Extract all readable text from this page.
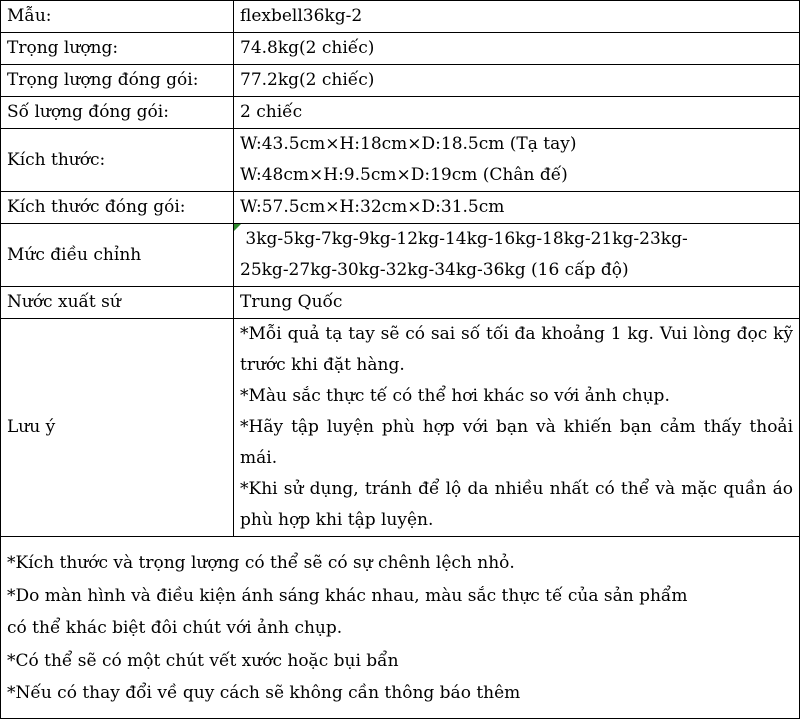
Mẫu:	flexbell36kg-2

Trọng lượng:	74.8kg(2 chiếc)

Trọng lượng đóng gói:	77.2kg(2 chiếc)

Số lượng đóng gói:	2 chiếc

Kích thước:	W:43.5cm×H:18cm×D:18.5cm (Tạ tay)
W:48cm×H:9.5cm×D:19cm (Chân đế)

Kích thước đóng gói:	W:57.5cm×H:32cm×D:31.5cm

Mức điều chỉnh	3kg-5kg-7kg-9kg-12kg-14kg-16kg-18kg-21kg-23kg-
25kg-27kg-30kg-32kg-34kg-36kg (16 cấp độ)

Nước xuất sứ	Trung Quốc

Lưu ý	*Mỗi quả tạ tay sẽ có sai số tối đa khoảng 1 kg. Vui lòng đọc kỹ trước khi đặt hàng.
*Màu sắc thực tế có thể hơi khác so với ảnh chụp.
*Hãy tập luyện phù hợp với bạn và khiến bạn cảm thấy thoải mái.
*Khi sử dụng, tránh để lộ da nhiều nhất có thể và mặc quần áo phù hợp khi tập luyện.
*Kích thước và trọng lượng có thể sẽ có sự chênh lệch nhỏ.
*Do màn hình và điều kiện ánh sáng khác nhau, màu sắc thực tế của sản phẩm
có thể khác biệt đôi chút với ảnh chụp.
*Có thể sẽ có một chút vết xước hoặc bụi bẩn
*Nếu có thay đổi về quy cách sẽ không cần thông báo thêm
